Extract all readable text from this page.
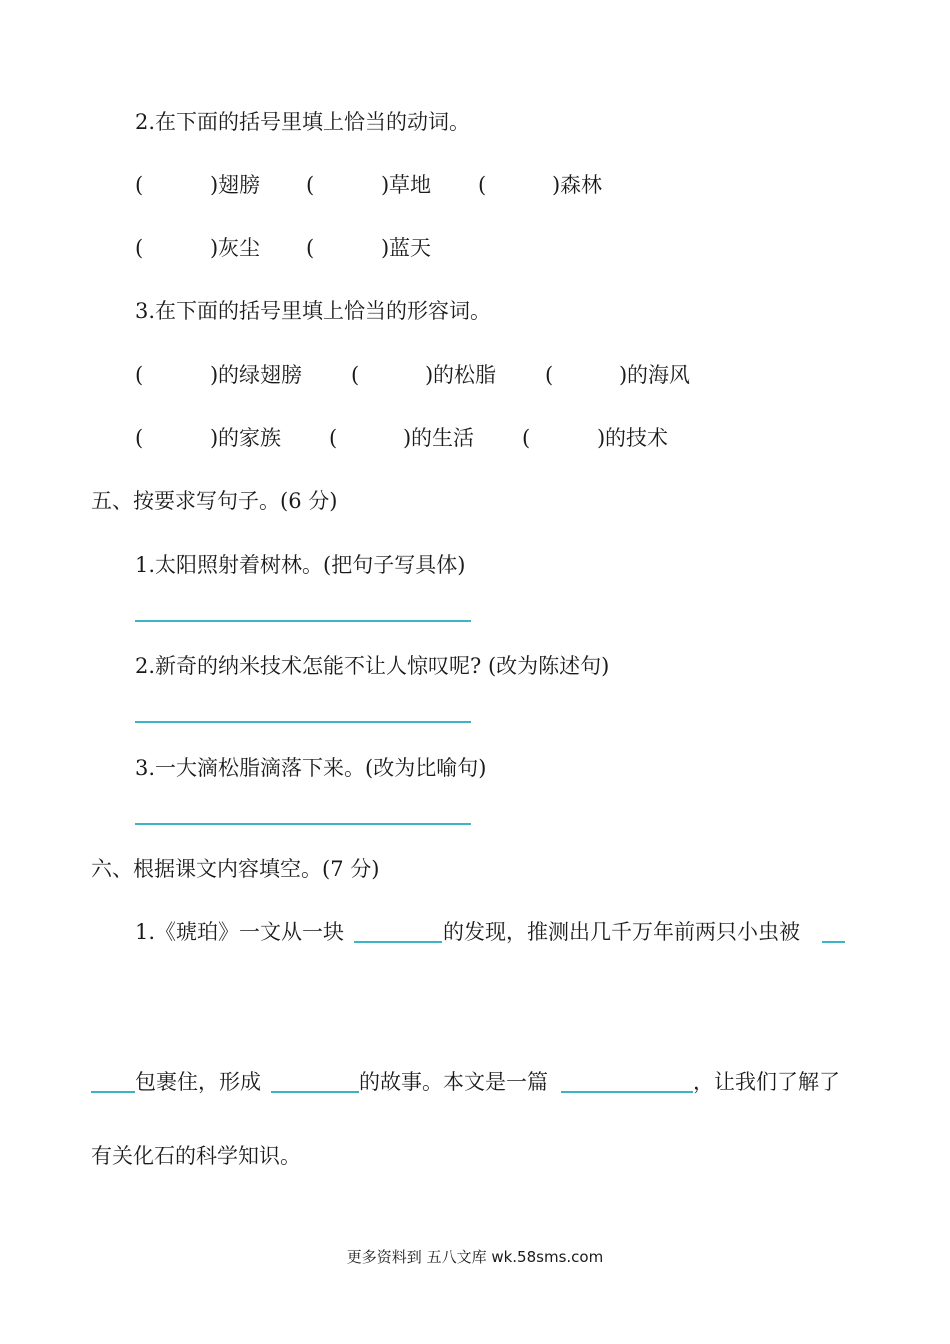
2.在下面的括号里填上恰当的动词。
(	) 翅膀 (	) 草地 (	) 森林
(	) 灰尘 (	) 蓝天
3.在下面的括号里填上恰当的形容词。
(	) 的绿翅膀 (	) 的松脂 (	) 的海风
(	) 的家族 (	) 的生活 (	) 的技术
五、按要求写句子。(6 分)
1.太阳照射着树林。(把句子写具体)
2.新奇的纳米技术怎能不让人惊叹呢? (改为陈述句)
3.一大滴松脂滴落下来。(改为比喻句)
六、根据课文内容填空。(7 分)
1.《琥珀》一文从一块	的发现，推测出几千万年前两只小虫被
包裹住，形成	的故事。本文是一篇	，让我们了解了
有关化石的科学知识。
更多资料到 五八文库 wk.58sms.com
